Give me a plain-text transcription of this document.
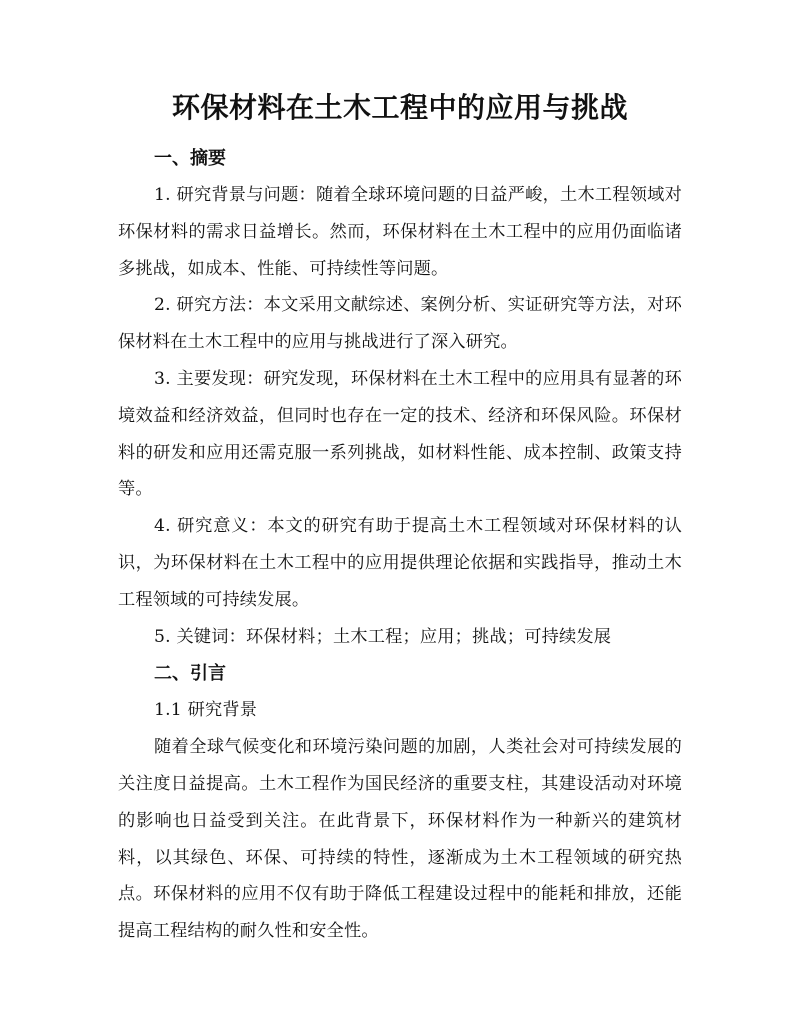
环保材料在土木工程中的应用与挑战
一、摘要

1. 研究背景与问题：随着全球环境问题的日益严峻，土木工程领域对环保材料的需求日益增长。然而，环保材料在土木工程中的应用仍面临诸多挑战，如成本、性能、可持续性等问题。

2. 研究方法：本文采用文献综述、案例分析、实证研究等方法，对环保材料在土木工程中的应用与挑战进行了深入研究。

3. 主要发现：研究发现，环保材料在土木工程中的应用具有显著的环境效益和经济效益，但同时也存在一定的技术、经济和环保风险。环保材料的研发和应用还需克服一系列挑战，如材料性能、成本控制、政策支持等。

4. 研究意义：本文的研究有助于提高土木工程领域对环保材料的认识，为环保材料在土木工程中的应用提供理论依据和实践指导，推动土木工程领域的可持续发展。

5. 关键词：环保材料；土木工程；应用；挑战；可持续发展

二、引言

1.1 研究背景

随着全球气候变化和环境污染问题的加剧，人类社会对可持续发展的关注度日益提高。土木工程作为国民经济的重要支柱，其建设活动对环境的影响也日益受到关注。在此背景下，环保材料作为一种新兴的建筑材料，以其绿色、环保、可持续的特性，逐渐成为土木工程领域的研究热点。环保材料的应用不仅有助于降低工程建设过程中的能耗和排放，还能提高工程结构的耐久性和安全性。
